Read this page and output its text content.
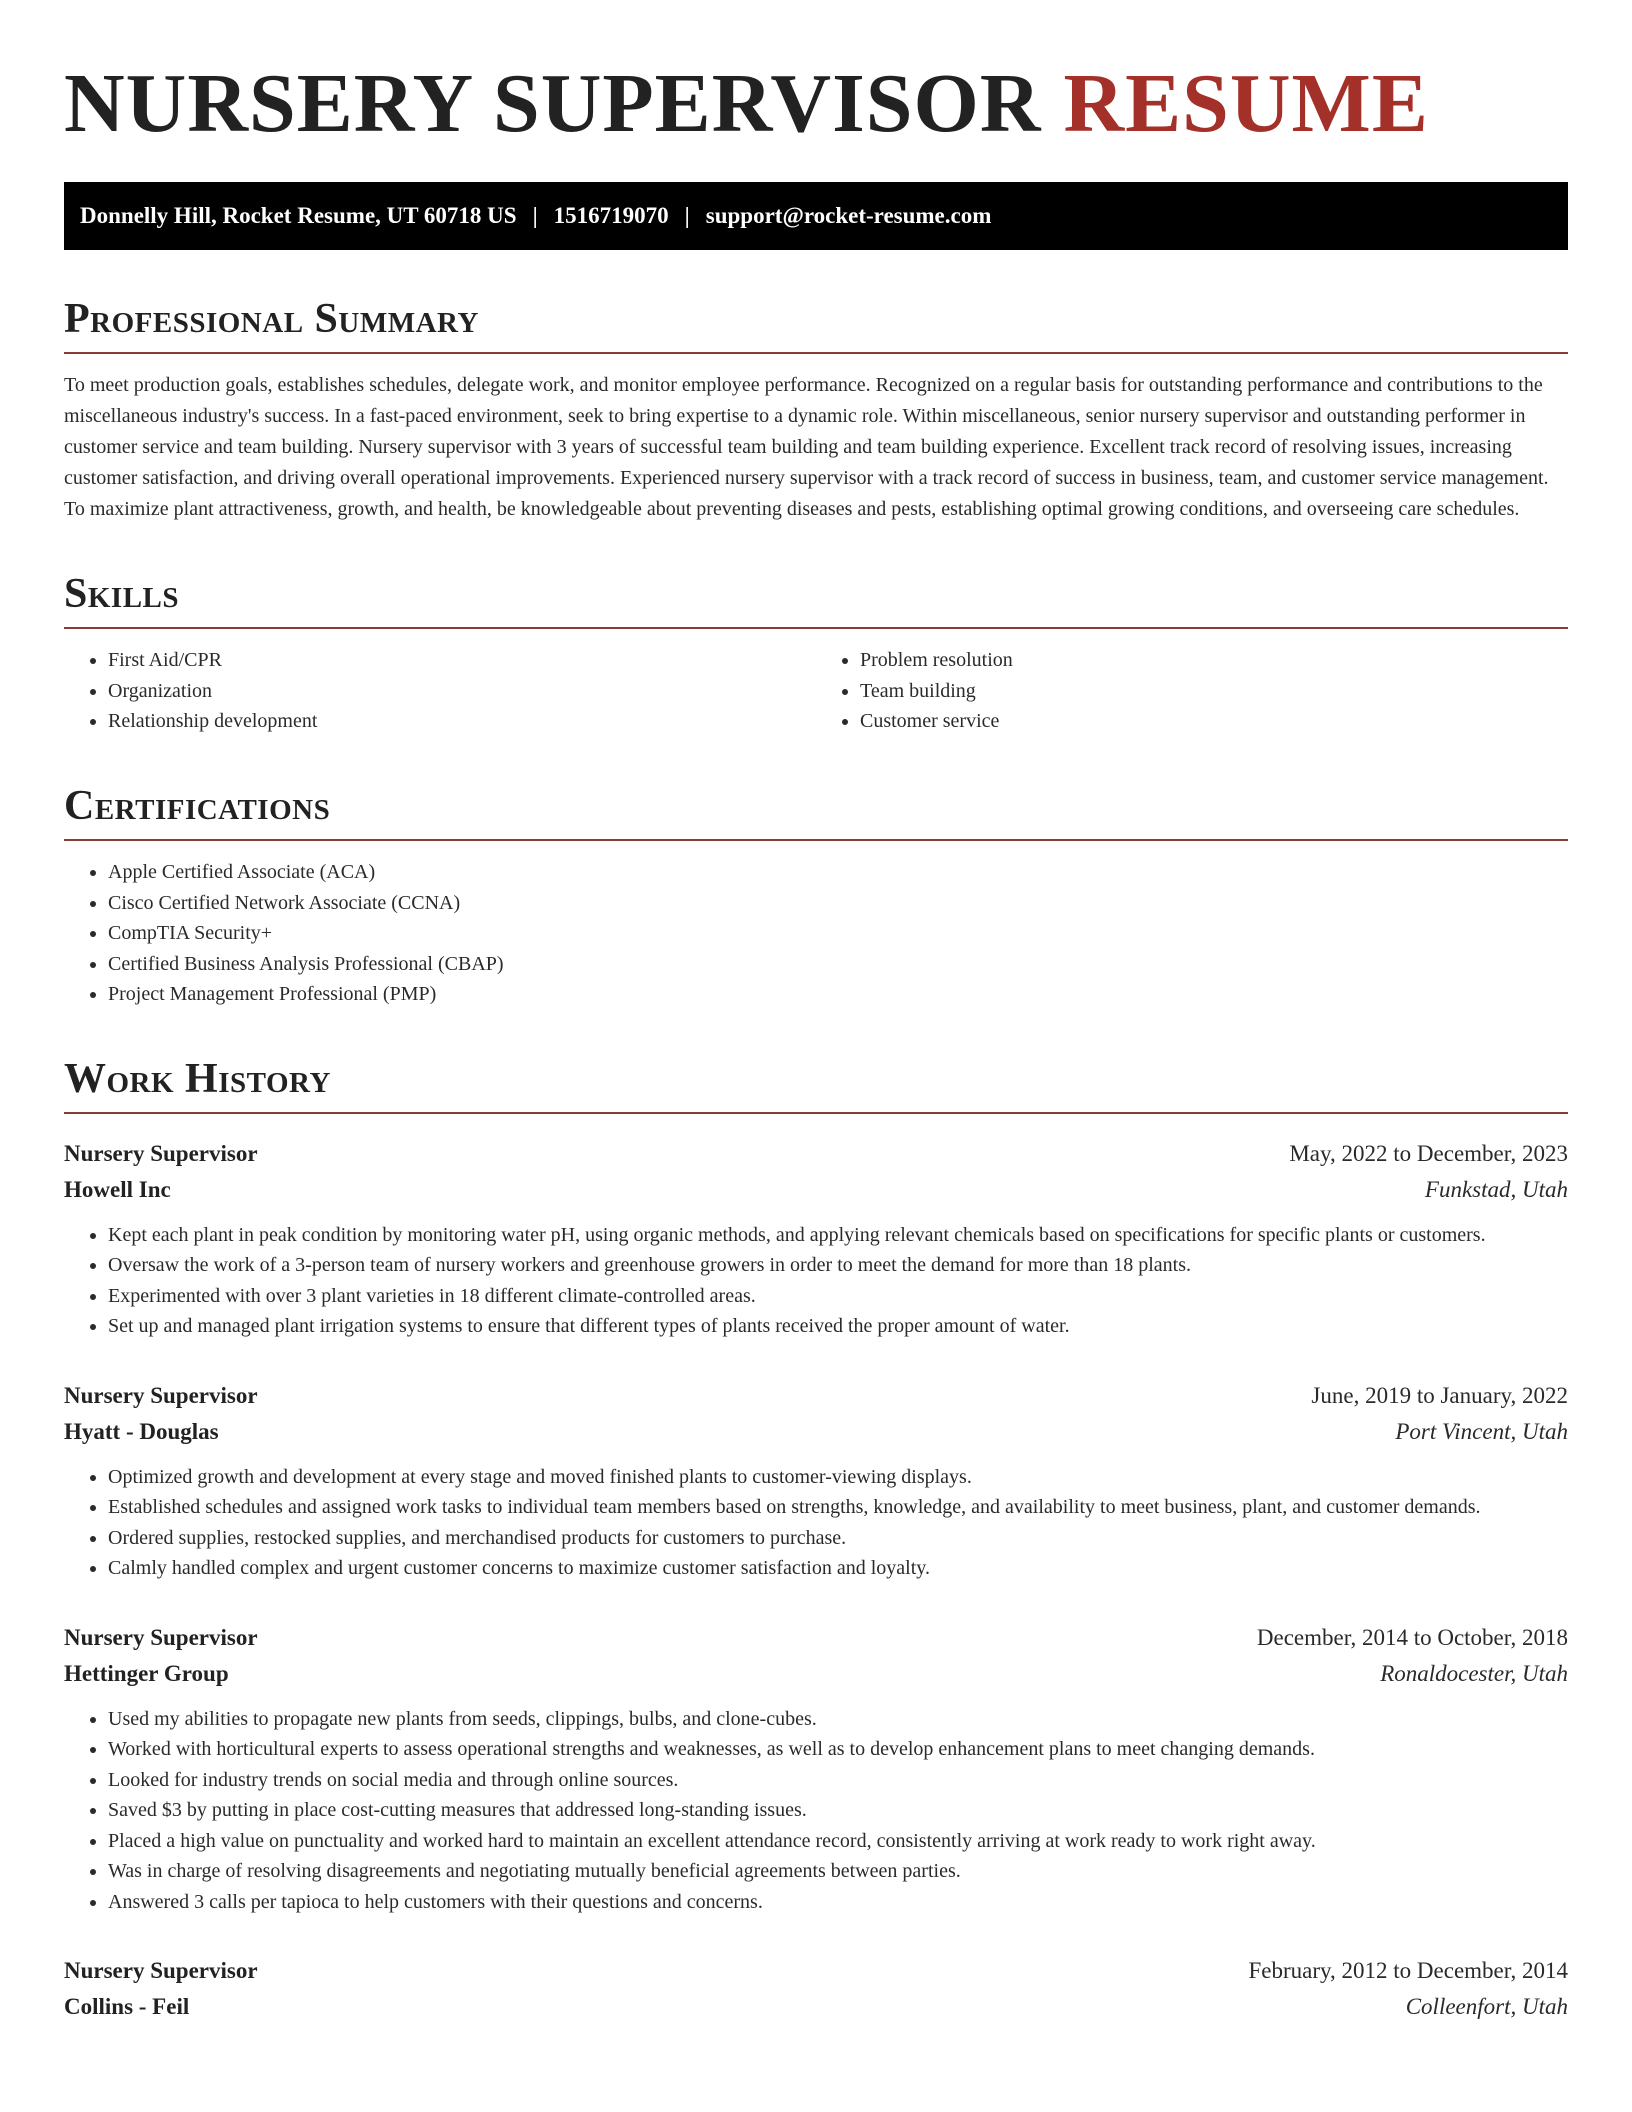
NURSERY SUPERVISOR RESUME
Donnelly Hill, Rocket Resume, UT 60718 US | 1516719070 | support@rocket-resume.com
Professional Summary

To meet production goals, establishes schedules, delegate work, and monitor employee performance. Recognized on a regular basis for outstanding performance and contributions to the miscellaneous industry's success. In a fast-paced environment, seek to bring expertise to a dynamic role. Within miscellaneous, senior nursery supervisor and outstanding performer in customer service and team building. Nursery supervisor with 3 years of successful team building and team building experience. Excellent track record of resolving issues, increasing customer satisfaction, and driving overall operational improvements. Experienced nursery supervisor with a track record of success in business, team, and customer service management. To maximize plant attractiveness, growth, and health, be knowledgeable about preventing diseases and pests, establishing optimal growing conditions, and overseeing care schedules.

Skills
• First Aid/CPR
• Organization
• Relationship development
• Problem resolution
• Team building
• Customer service
Certifications
• Apple Certified Associate (ACA)
• Cisco Certified Network Associate (CCNA)
• CompTIA Security+
• Certified Business Analysis Professional (CBAP)
• Project Management Professional (PMP)
Work History
Nursery Supervisor	May, 2022 to December, 2023
Howell Inc	Funkstad, Utah
• Kept each plant in peak condition by monitoring water pH, using organic methods, and applying relevant chemicals based on specifications for specific plants or customers.
• Oversaw the work of a 3-person team of nursery workers and greenhouse growers in order to meet the demand for more than 18 plants.
• Experimented with over 3 plant varieties in 18 different climate-controlled areas.
• Set up and managed plant irrigation systems to ensure that different types of plants received the proper amount of water.
Nursery Supervisor	June, 2019 to January, 2022
Hyatt - Douglas	Port Vincent, Utah
• Optimized growth and development at every stage and moved finished plants to customer-viewing displays.
• Established schedules and assigned work tasks to individual team members based on strengths, knowledge, and availability to meet business, plant, and customer demands.
• Ordered supplies, restocked supplies, and merchandised products for customers to purchase.
• Calmly handled complex and urgent customer concerns to maximize customer satisfaction and loyalty.
Nursery Supervisor	December, 2014 to October, 2018
Hettinger Group	Ronaldocester, Utah
• Used my abilities to propagate new plants from seeds, clippings, bulbs, and clone-cubes.
• Worked with horticultural experts to assess operational strengths and weaknesses, as well as to develop enhancement plans to meet changing demands.
• Looked for industry trends on social media and through online sources.
• Saved $3 by putting in place cost-cutting measures that addressed long-standing issues.
• Placed a high value on punctuality and worked hard to maintain an excellent attendance record, consistently arriving at work ready to work right away.
• Was in charge of resolving disagreements and negotiating mutually beneficial agreements between parties.
• Answered 3 calls per tapioca to help customers with their questions and concerns.
Nursery Supervisor	February, 2012 to December, 2014
Collins - Feil	Colleenfort, Utah
